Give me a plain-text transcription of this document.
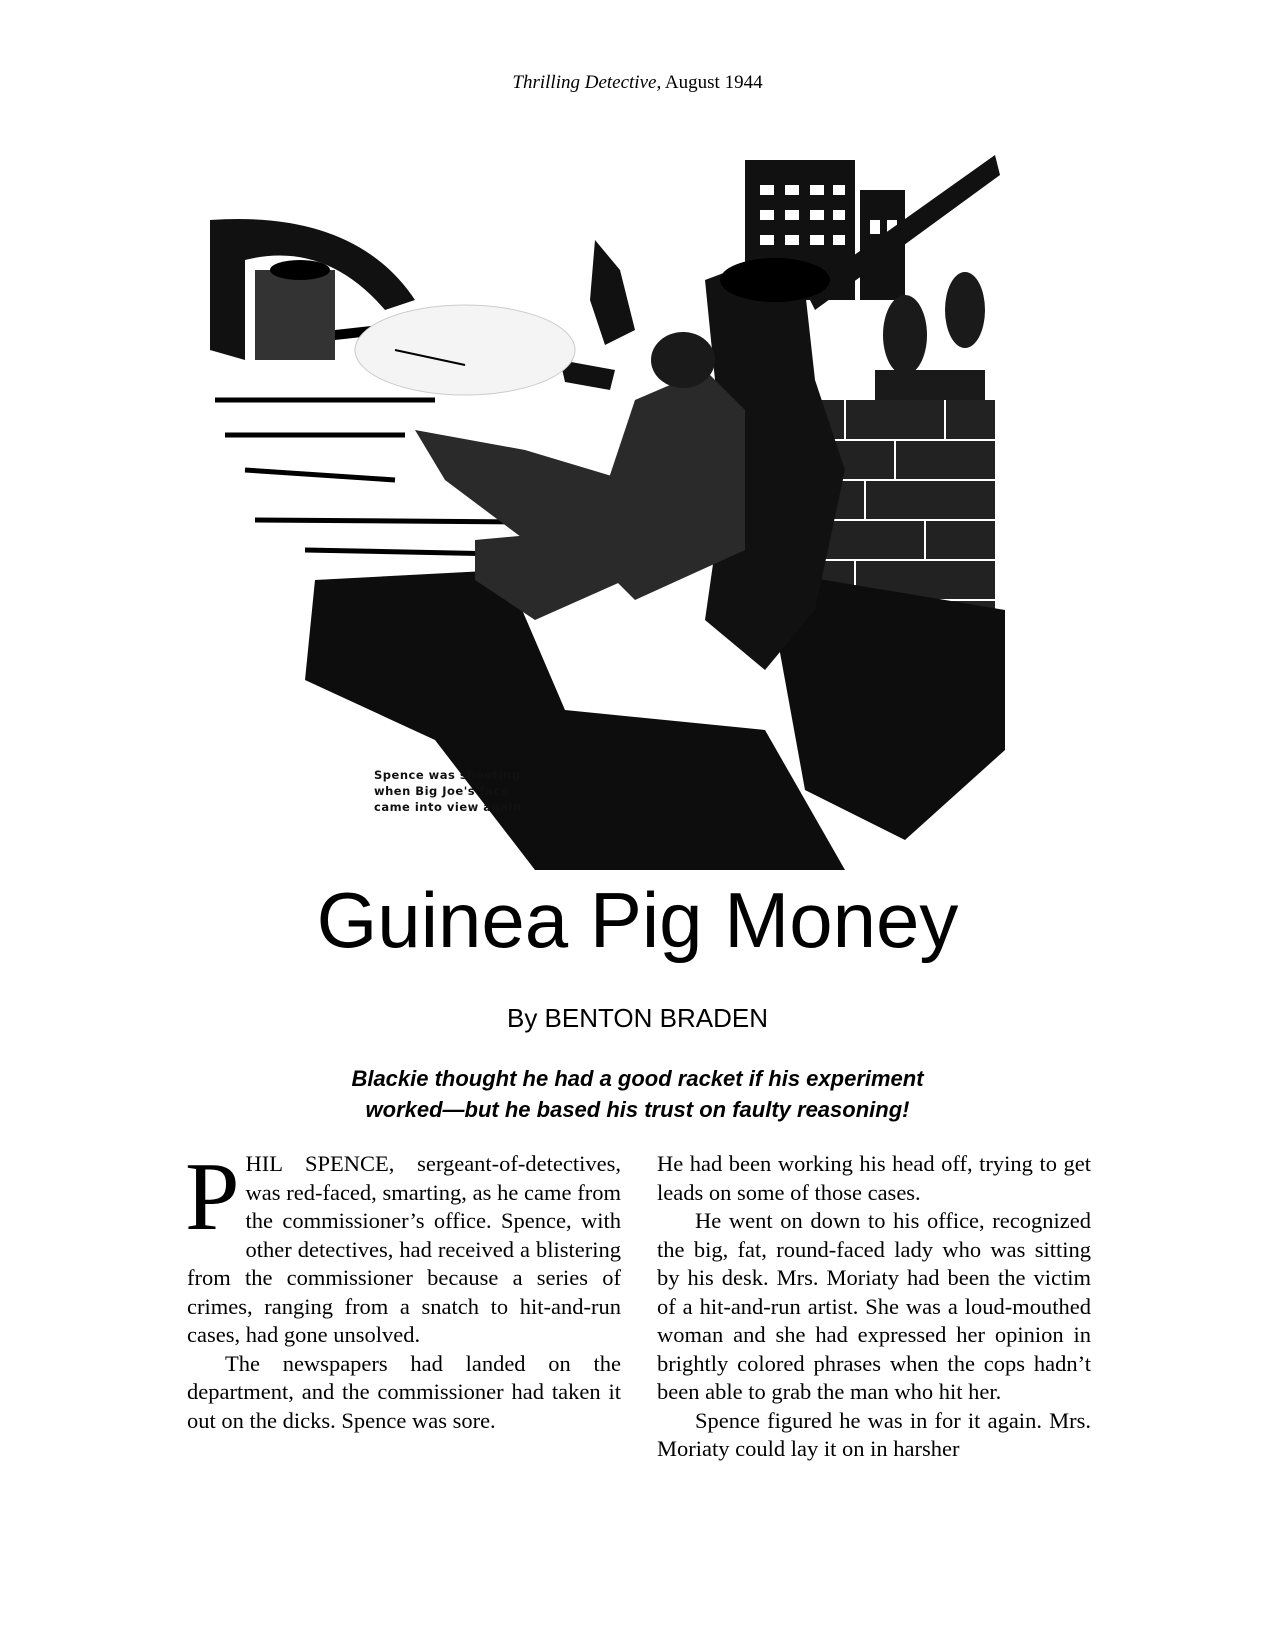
Thrilling Detective, August 1944
Spence was shooting
when Big Joe's face
came into view again
Guinea Pig Money
By BENTON BRADEN
Blackie thought he had a good racket if his experiment
worked—but he based his trust on faulty reasoning!

PHIL SPENCE, sergeant-of-detectives, was red-faced, smarting, as he came from the commissioner’s office. Spence, with other detectives, had received a blistering from the commissioner because a series of crimes, ranging from a snatch to hit-and-run cases, had gone unsolved.

The newspapers had landed on the department, and the commissioner had taken it out on the dicks. Spence was sore.

He had been working his head off, trying to get leads on some of those cases.

He went on down to his office, recognized the big, fat, round-faced lady who was sitting by his desk. Mrs. Moriaty had been the victim of a hit-and-run artist. She was a loud-mouthed woman and she had expressed her opinion in brightly colored phrases when the cops hadn’t been able to grab the man who hit her.

Spence figured he was in for it again. Mrs. Moriaty could lay it on in harsher
